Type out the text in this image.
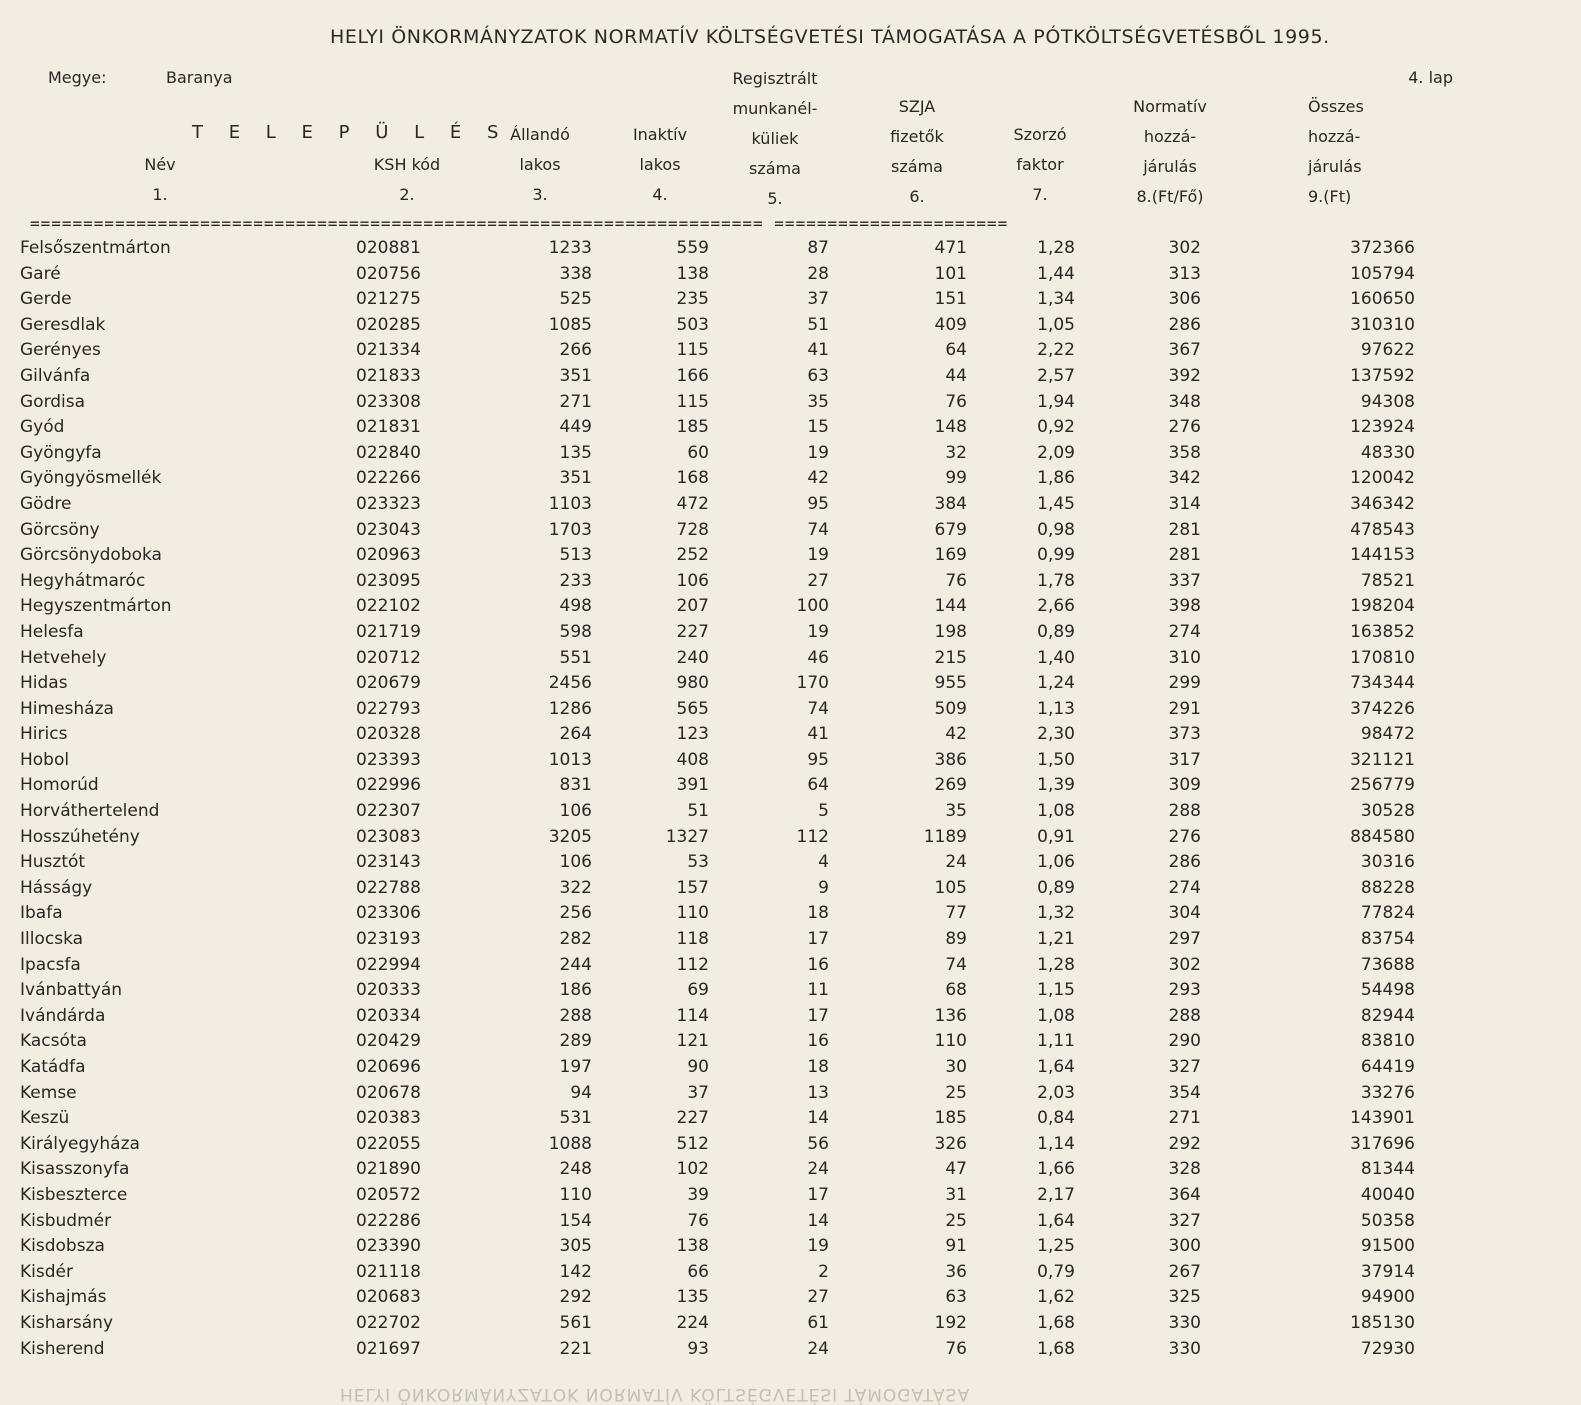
HELYI ÖNKORMÁNYZATOK NORMATÍV KÖLTSÉGVETÉSI TÁMOGATÁSA A PÓTKÖLTSÉGVETÉSBŐL 1995.
Megye:	Baranya	4. lap
T E L E P Ü L É S
Név
1.
KSH kód
2.
Állandó
lakos
3.
Inaktív
lakos
4.
Regisztrált
munkanél-
küliek
száma
5.
SZJA
fizetők
száma
6.
Szorzó
faktor
7.
Normatív
hozzá-
járulás
8.(Ft/Fő)
Összes
hozzá-
járulás
9.(Ft)
===================================================================== ======================
Felsőszentmárton	020881	1233	559	87	471	1,28	302	372366
Garé	020756	338	138	28	101	1,44	313	105794
Gerde	021275	525	235	37	151	1,34	306	160650
Geresdlak	020285	1085	503	51	409	1,05	286	310310
Gerényes	021334	266	115	41	64	2,22	367	97622
Gilvánfa	021833	351	166	63	44	2,57	392	137592
Gordisa	023308	271	115	35	76	1,94	348	94308
Gyód	021831	449	185	15	148	0,92	276	123924
Gyöngyfa	022840	135	60	19	32	2,09	358	48330
Gyöngyösmellék	022266	351	168	42	99	1,86	342	120042
Gödre	023323	1103	472	95	384	1,45	314	346342
Görcsöny	023043	1703	728	74	679	0,98	281	478543
Görcsönydoboka	020963	513	252	19	169	0,99	281	144153
Hegyhátmaróc	023095	233	106	27	76	1,78	337	78521
Hegyszentmárton	022102	498	207	100	144	2,66	398	198204
Helesfa	021719	598	227	19	198	0,89	274	163852
Hetvehely	020712	551	240	46	215	1,40	310	170810
Hidas	020679	2456	980	170	955	1,24	299	734344
Himesháza	022793	1286	565	74	509	1,13	291	374226
Hirics	020328	264	123	41	42	2,30	373	98472
Hobol	023393	1013	408	95	386	1,50	317	321121
Homorúd	022996	831	391	64	269	1,39	309	256779
Horváthertelend	022307	106	51	5	35	1,08	288	30528
Hosszúhetény	023083	3205	1327	112	1189	0,91	276	884580
Husztót	023143	106	53	4	24	1,06	286	30316
Hásságy	022788	322	157	9	105	0,89	274	88228
Ibafa	023306	256	110	18	77	1,32	304	77824
Illocska	023193	282	118	17	89	1,21	297	83754
Ipacsfa	022994	244	112	16	74	1,28	302	73688
Ivánbattyán	020333	186	69	11	68	1,15	293	54498
Ivándárda	020334	288	114	17	136	1,08	288	82944
Kacsóta	020429	289	121	16	110	1,11	290	83810
Katádfa	020696	197	90	18	30	1,64	327	64419
Kemse	020678	94	37	13	25	2,03	354	33276
Keszü	020383	531	227	14	185	0,84	271	143901
Királyegyháza	022055	1088	512	56	326	1,14	292	317696
Kisasszonyfa	021890	248	102	24	47	1,66	328	81344
Kisbeszterce	020572	110	39	17	31	2,17	364	40040
Kisbudmér	022286	154	76	14	25	1,64	327	50358
Kisdobsza	023390	305	138	19	91	1,25	300	91500
Kisdér	021118	142	66	2	36	0,79	267	37914
Kishajmás	020683	292	135	27	63	1,62	325	94900
Kisharsány	022702	561	224	61	192	1,68	330	185130
Kisherend	021697	221	93	24	76	1,68	330	72930
HELYI ÖNKORMÁNYZATOK NORMATÍV KÖLTSÉGVETÉSI TÁMOGATÁSA
